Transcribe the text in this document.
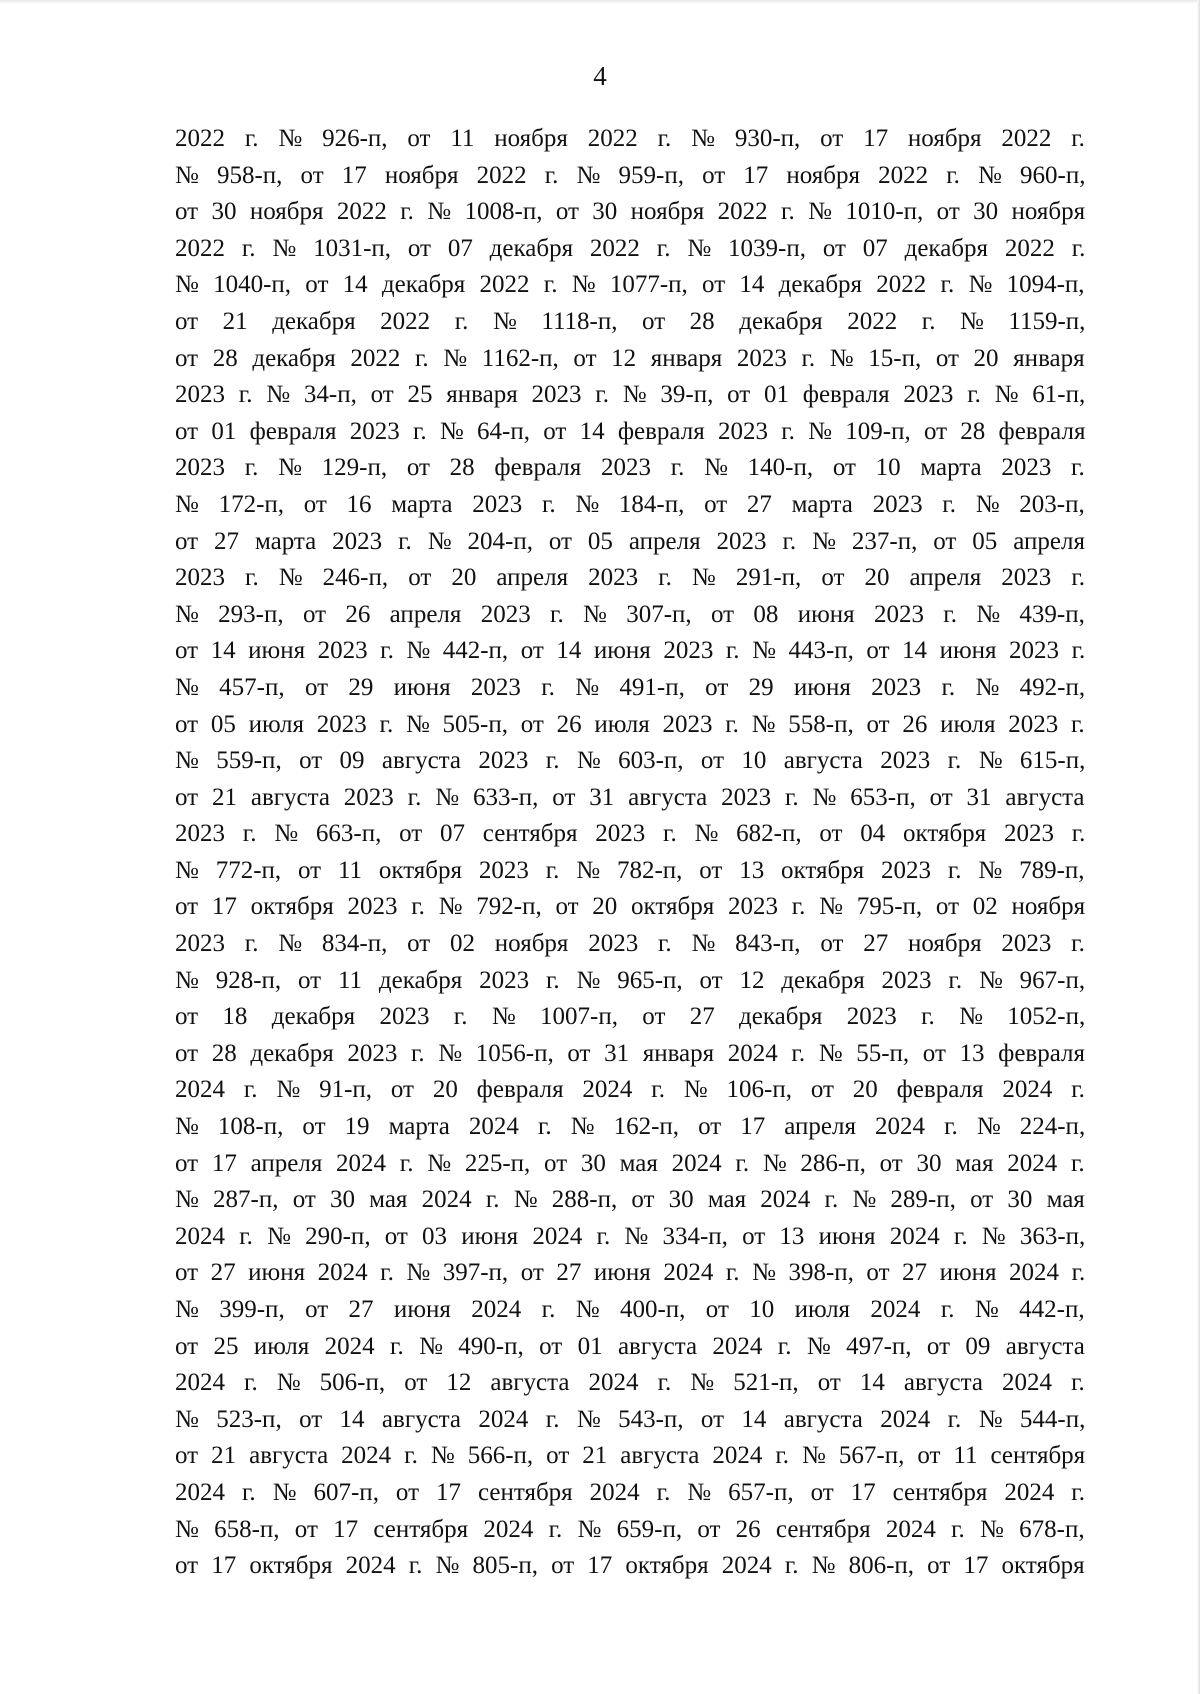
4
2022 г. № 926-п, от 11 ноября 2022 г. № 930-п, от 17 ноября 2022 г.
№ 958-п, от 17 ноября 2022 г. № 959-п, от 17 ноября 2022 г. № 960-п,
от 30 ноября 2022 г. № 1008-п, от 30 ноября 2022 г. № 1010-п, от 30 ноября
2022 г. № 1031-п, от 07 декабря 2022 г. № 1039-п, от 07 декабря 2022 г.
№ 1040-п, от 14 декабря 2022 г. № 1077-п, от 14 декабря 2022 г. № 1094-п,
от 21 декабря 2022 г. № 1118-п, от 28 декабря 2022 г. № 1159-п,
от 28 декабря 2022 г. № 1162-п, от 12 января 2023 г. № 15-п, от 20 января
2023 г. № 34-п, от 25 января 2023 г. № 39-п, от 01 февраля 2023 г. № 61-п,
от 01 февраля 2023 г. № 64-п, от 14 февраля 2023 г. № 109-п, от 28 февраля
2023 г. № 129-п, от 28 февраля 2023 г. № 140-п, от 10 марта 2023 г.
№ 172-п, от 16 марта 2023 г. № 184-п, от 27 марта 2023 г. № 203-п,
от 27 марта 2023 г. № 204-п, от 05 апреля 2023 г. № 237-п, от 05 апреля
2023 г. № 246-п, от 20 апреля 2023 г. № 291-п, от 20 апреля 2023 г.
№ 293-п, от 26 апреля 2023 г. № 307-п, от 08 июня 2023 г. № 439-п,
от 14 июня 2023 г. № 442-п, от 14 июня 2023 г. № 443-п, от 14 июня 2023 г.
№ 457-п, от 29 июня 2023 г. № 491-п, от 29 июня 2023 г. № 492-п,
от 05 июля 2023 г. № 505-п, от 26 июля 2023 г. № 558-п, от 26 июля 2023 г.
№ 559-п, от 09 августа 2023 г. № 603-п, от 10 августа 2023 г. № 615-п,
от 21 августа 2023 г. № 633-п, от 31 августа 2023 г. № 653-п, от 31 августа
2023 г. № 663-п, от 07 сентября 2023 г. № 682-п, от 04 октября 2023 г.
№ 772-п, от 11 октября 2023 г. № 782-п, от 13 октября 2023 г. № 789-п,
от 17 октября 2023 г. № 792-п, от 20 октября 2023 г. № 795-п, от 02 ноября
2023 г. № 834-п, от 02 ноября 2023 г. № 843-п, от 27 ноября 2023 г.
№ 928-п, от 11 декабря 2023 г. № 965-п, от 12 декабря 2023 г. № 967-п,
от 18 декабря 2023 г. № 1007-п, от 27 декабря 2023 г. № 1052-п,
от 28 декабря 2023 г. № 1056-п, от 31 января 2024 г. № 55-п, от 13 февраля
2024 г. № 91-п, от 20 февраля 2024 г. № 106-п, от 20 февраля 2024 г.
№ 108-п, от 19 марта 2024 г. № 162-п, от 17 апреля 2024 г. № 224-п,
от 17 апреля 2024 г. № 225-п, от 30 мая 2024 г. № 286-п, от 30 мая 2024 г.
№ 287-п, от 30 мая 2024 г. № 288-п, от 30 мая 2024 г. № 289-п, от 30 мая
2024 г. № 290-п, от 03 июня 2024 г. № 334-п, от 13 июня 2024 г. № 363-п,
от 27 июня 2024 г. № 397-п, от 27 июня 2024 г. № 398-п, от 27 июня 2024 г.
№ 399-п, от 27 июня 2024 г. № 400-п, от 10 июля 2024 г. № 442-п,
от 25 июля 2024 г. № 490-п, от 01 августа 2024 г. № 497-п, от 09 августа
2024 г. № 506-п, от 12 августа 2024 г. № 521-п, от 14 августа 2024 г.
№ 523-п, от 14 августа 2024 г. № 543-п, от 14 августа 2024 г. № 544-п,
от 21 августа 2024 г. № 566-п, от 21 августа 2024 г. № 567-п, от 11 сентября
2024 г. № 607-п, от 17 сентября 2024 г. № 657-п, от 17 сентября 2024 г.
№ 658-п, от 17 сентября 2024 г. № 659-п, от 26 сентября 2024 г. № 678-п,
от 17 октября 2024 г. № 805-п, от 17 октября 2024 г. № 806-п, от 17 октября
